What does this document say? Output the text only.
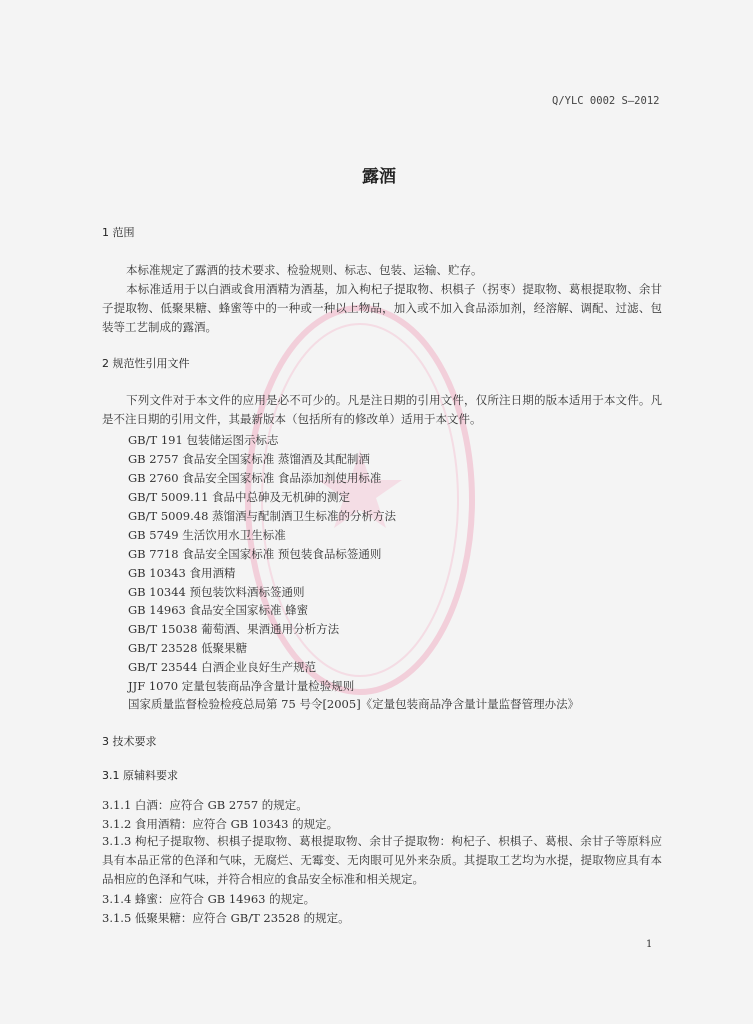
Q/YLC 0002 S—2012
露酒
1 范围
本标准规定了露酒的技术要求、检验规则、标志、包装、运输、贮存。
本标准适用于以白酒或食用酒精为酒基，加入枸杞子提取物、枳椇子（拐枣）提取物、葛根提取物、余甘子提取物、低聚果糖、蜂蜜等中的一种或一种以上物品，加入或不加入食品添加剂，经溶解、调配、过滤、包装等工艺制成的露酒。
2 规范性引用文件
下列文件对于本文件的应用是必不可少的。凡是注日期的引用文件，仅所注日期的版本适用于本文件。凡是不注日期的引用文件，其最新版本（包括所有的修改单）适用于本文件。
GB/T 191 包装储运图示标志
GB 2757 食品安全国家标准 蒸馏酒及其配制酒
GB 2760 食品安全国家标准 食品添加剂使用标准
GB/T 5009.11 食品中总砷及无机砷的测定
GB/T 5009.48 蒸馏酒与配制酒卫生标准的分析方法
GB 5749 生活饮用水卫生标准
GB 7718 食品安全国家标准 预包装食品标签通则
GB 10343 食用酒精
GB 10344 预包装饮料酒标签通则
GB 14963 食品安全国家标准 蜂蜜
GB/T 15038 葡萄酒、果酒通用分析方法
GB/T 23528 低聚果糖
GB/T 23544 白酒企业良好生产规范
JJF 1070 定量包装商品净含量计量检验规则
国家质量监督检验检疫总局第 75 号令[2005]《定量包装商品净含量计量监督管理办法》
3 技术要求
3.1 原辅料要求
3.1.1 白酒：应符合 GB 2757 的规定。
3.1.2 食用酒精：应符合 GB 10343 的规定。
3.1.3 枸杞子提取物、枳椇子提取物、葛根提取物、余甘子提取物：枸杞子、枳椇子、葛根、余甘子等原料应具有本品正常的色泽和气味，无腐烂、无霉变、无肉眼可见外来杂质。其提取工艺均为水提，提取物应具有本品相应的色泽和气味，并符合相应的食品安全标准和相关规定。
3.1.4 蜂蜜：应符合 GB 14963 的规定。
3.1.5 低聚果糖：应符合 GB/T 23528 的规定。
1
